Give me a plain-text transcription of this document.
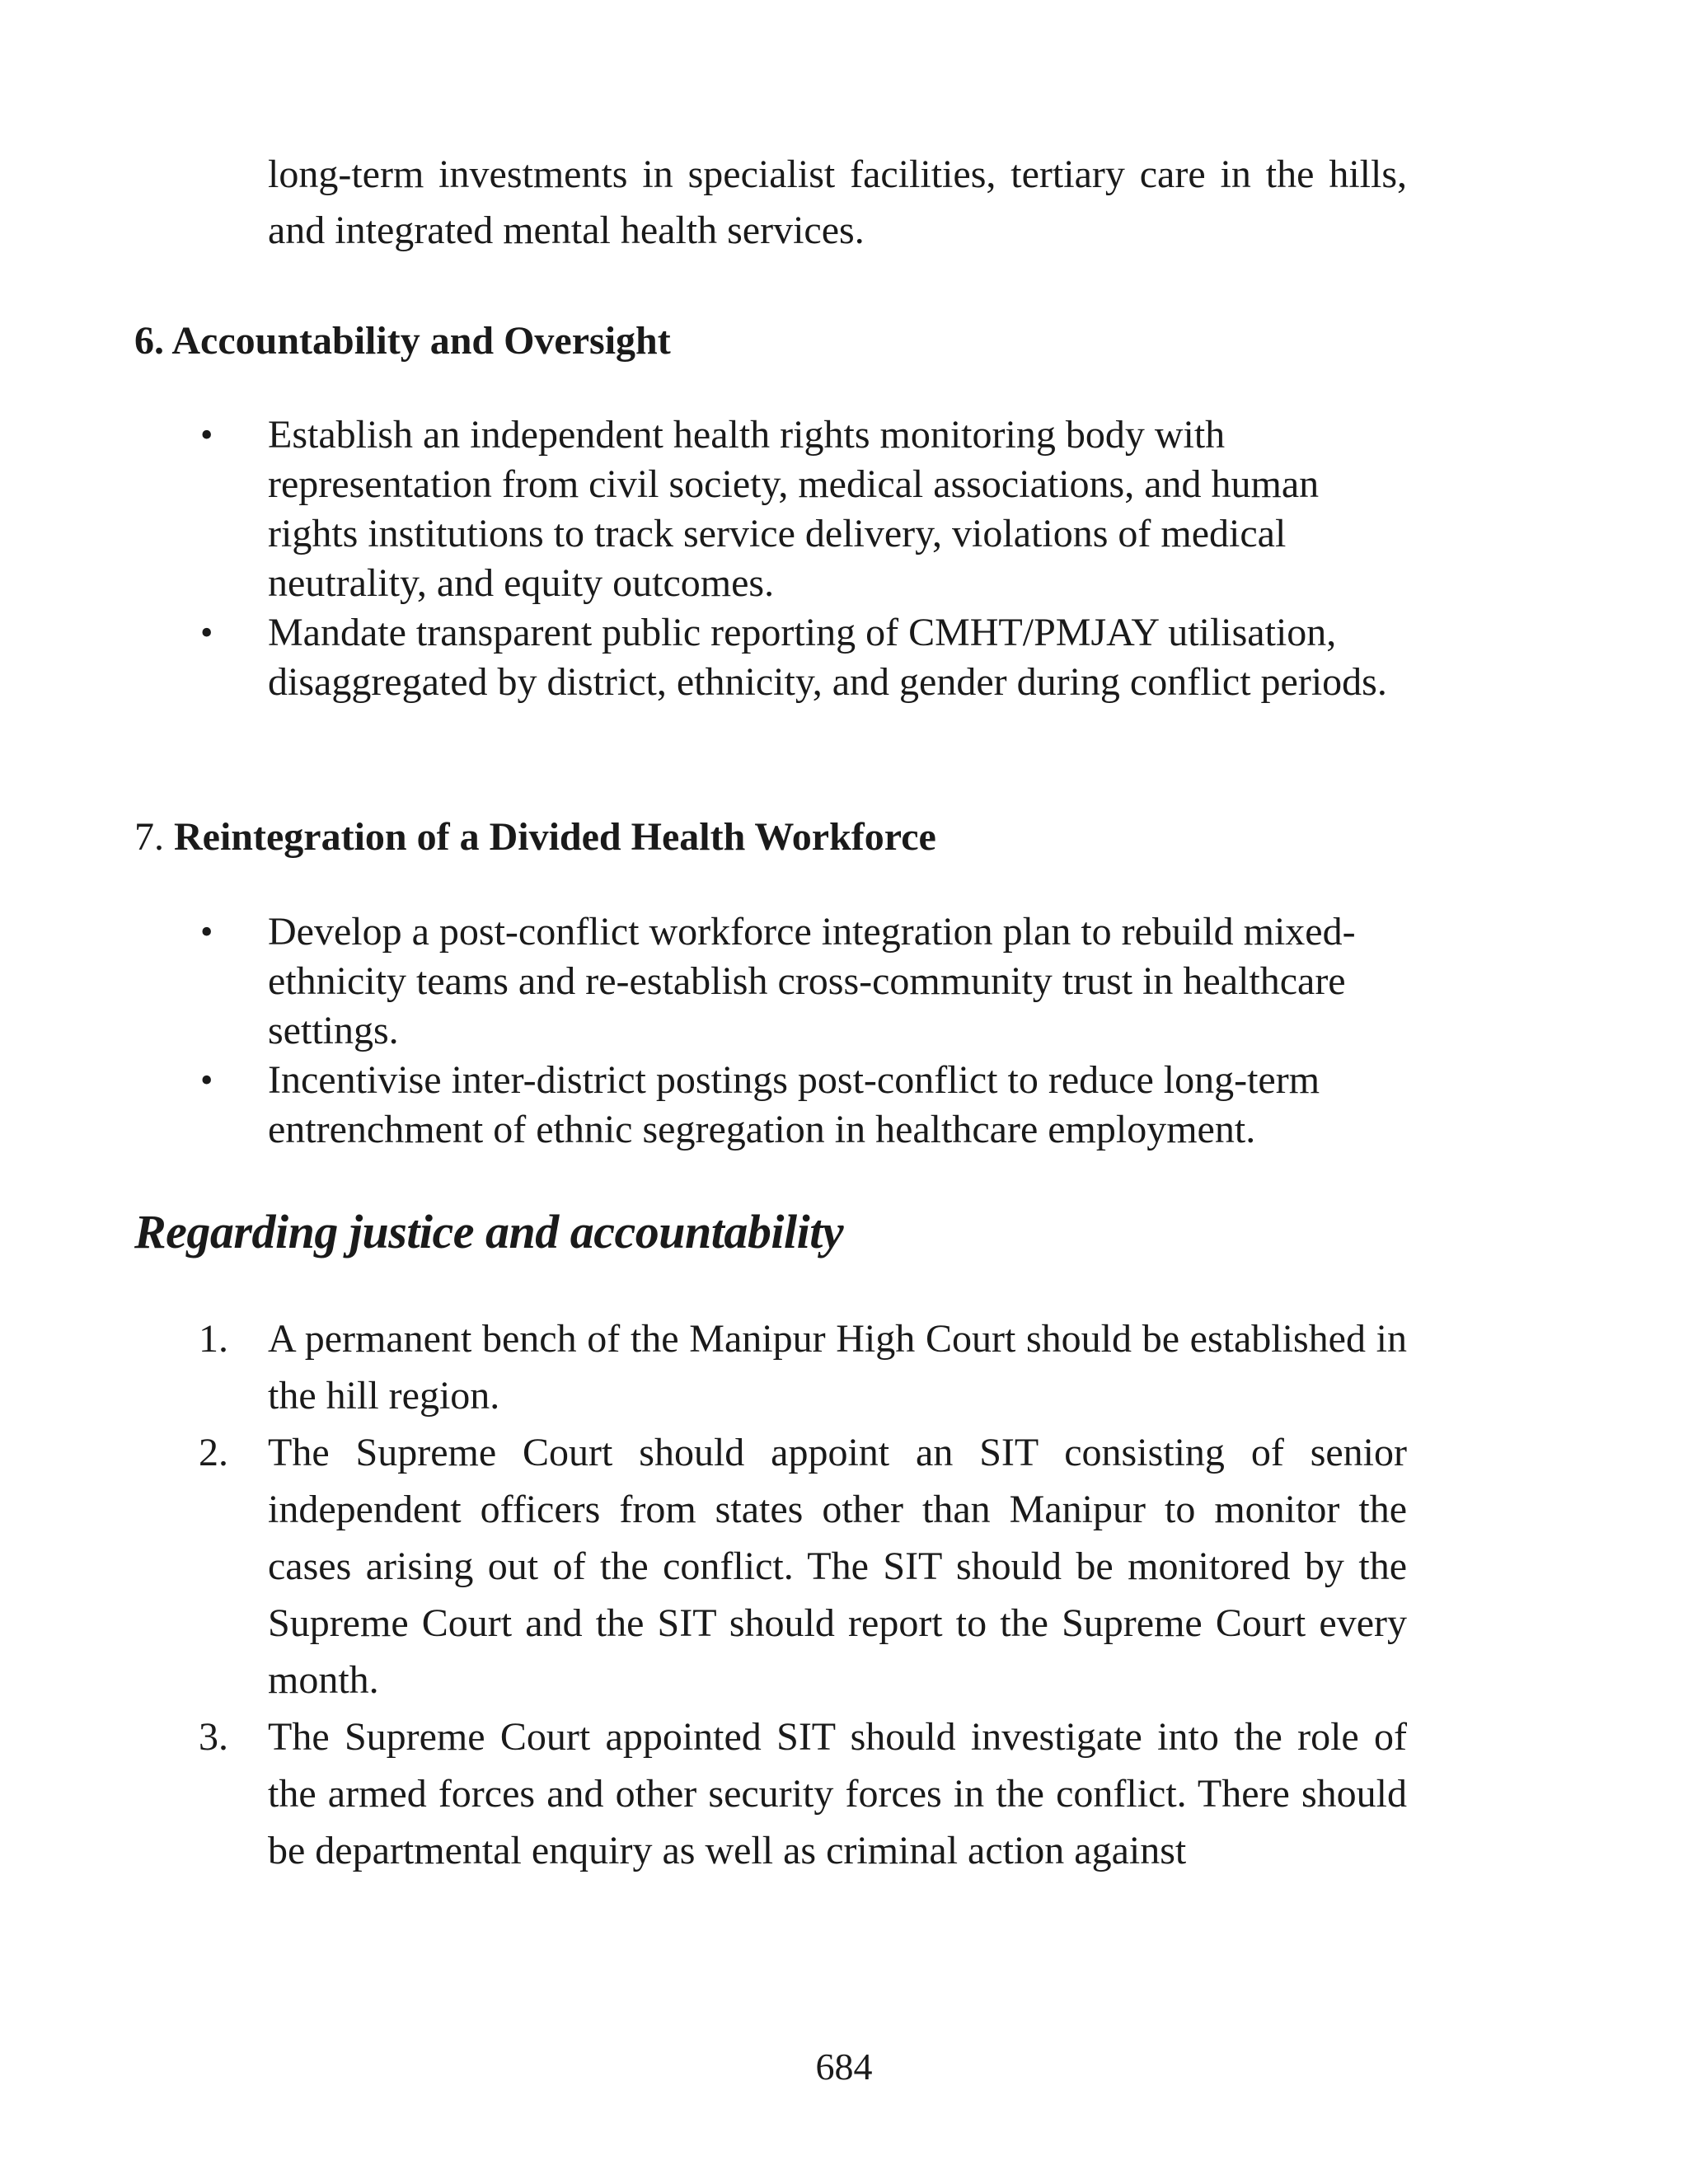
long-term investments in specialist facilities, tertiary care in the hills, and integrated mental health services.

6. Accountability and Oversight
• Establish an independent health rights monitoring body with representation from civil society, medical associations, and human rights institutions to track service delivery, violations of medical neutrality, and equity outcomes.
• Mandate transparent public reporting of CMHT/PMJAY utilisation, disaggregated by district, ethnicity, and gender during conflict periods.
7. Reintegration of a Divided Health Workforce
• Develop a post-conflict workforce integration plan to rebuild mixed-ethnicity teams and re-establish cross-community trust in healthcare settings.
• Incentivise inter-district postings post-conflict to reduce long-term entrenchment of ethnic segregation in healthcare employment.
Regarding justice and accountability
1. A permanent bench of the Manipur High Court should be established in the hill region.
2. The Supreme Court should appoint an SIT consisting of senior independent officers from states other than Manipur to monitor the cases arising out of the conflict. The SIT should be monitored by the Supreme Court and the SIT should report to the Supreme Court every month.
3. The Supreme Court appointed SIT should investigate into the role of the armed forces and other security forces in the conflict. There should be departmental enquiry as well as criminal action against
684
